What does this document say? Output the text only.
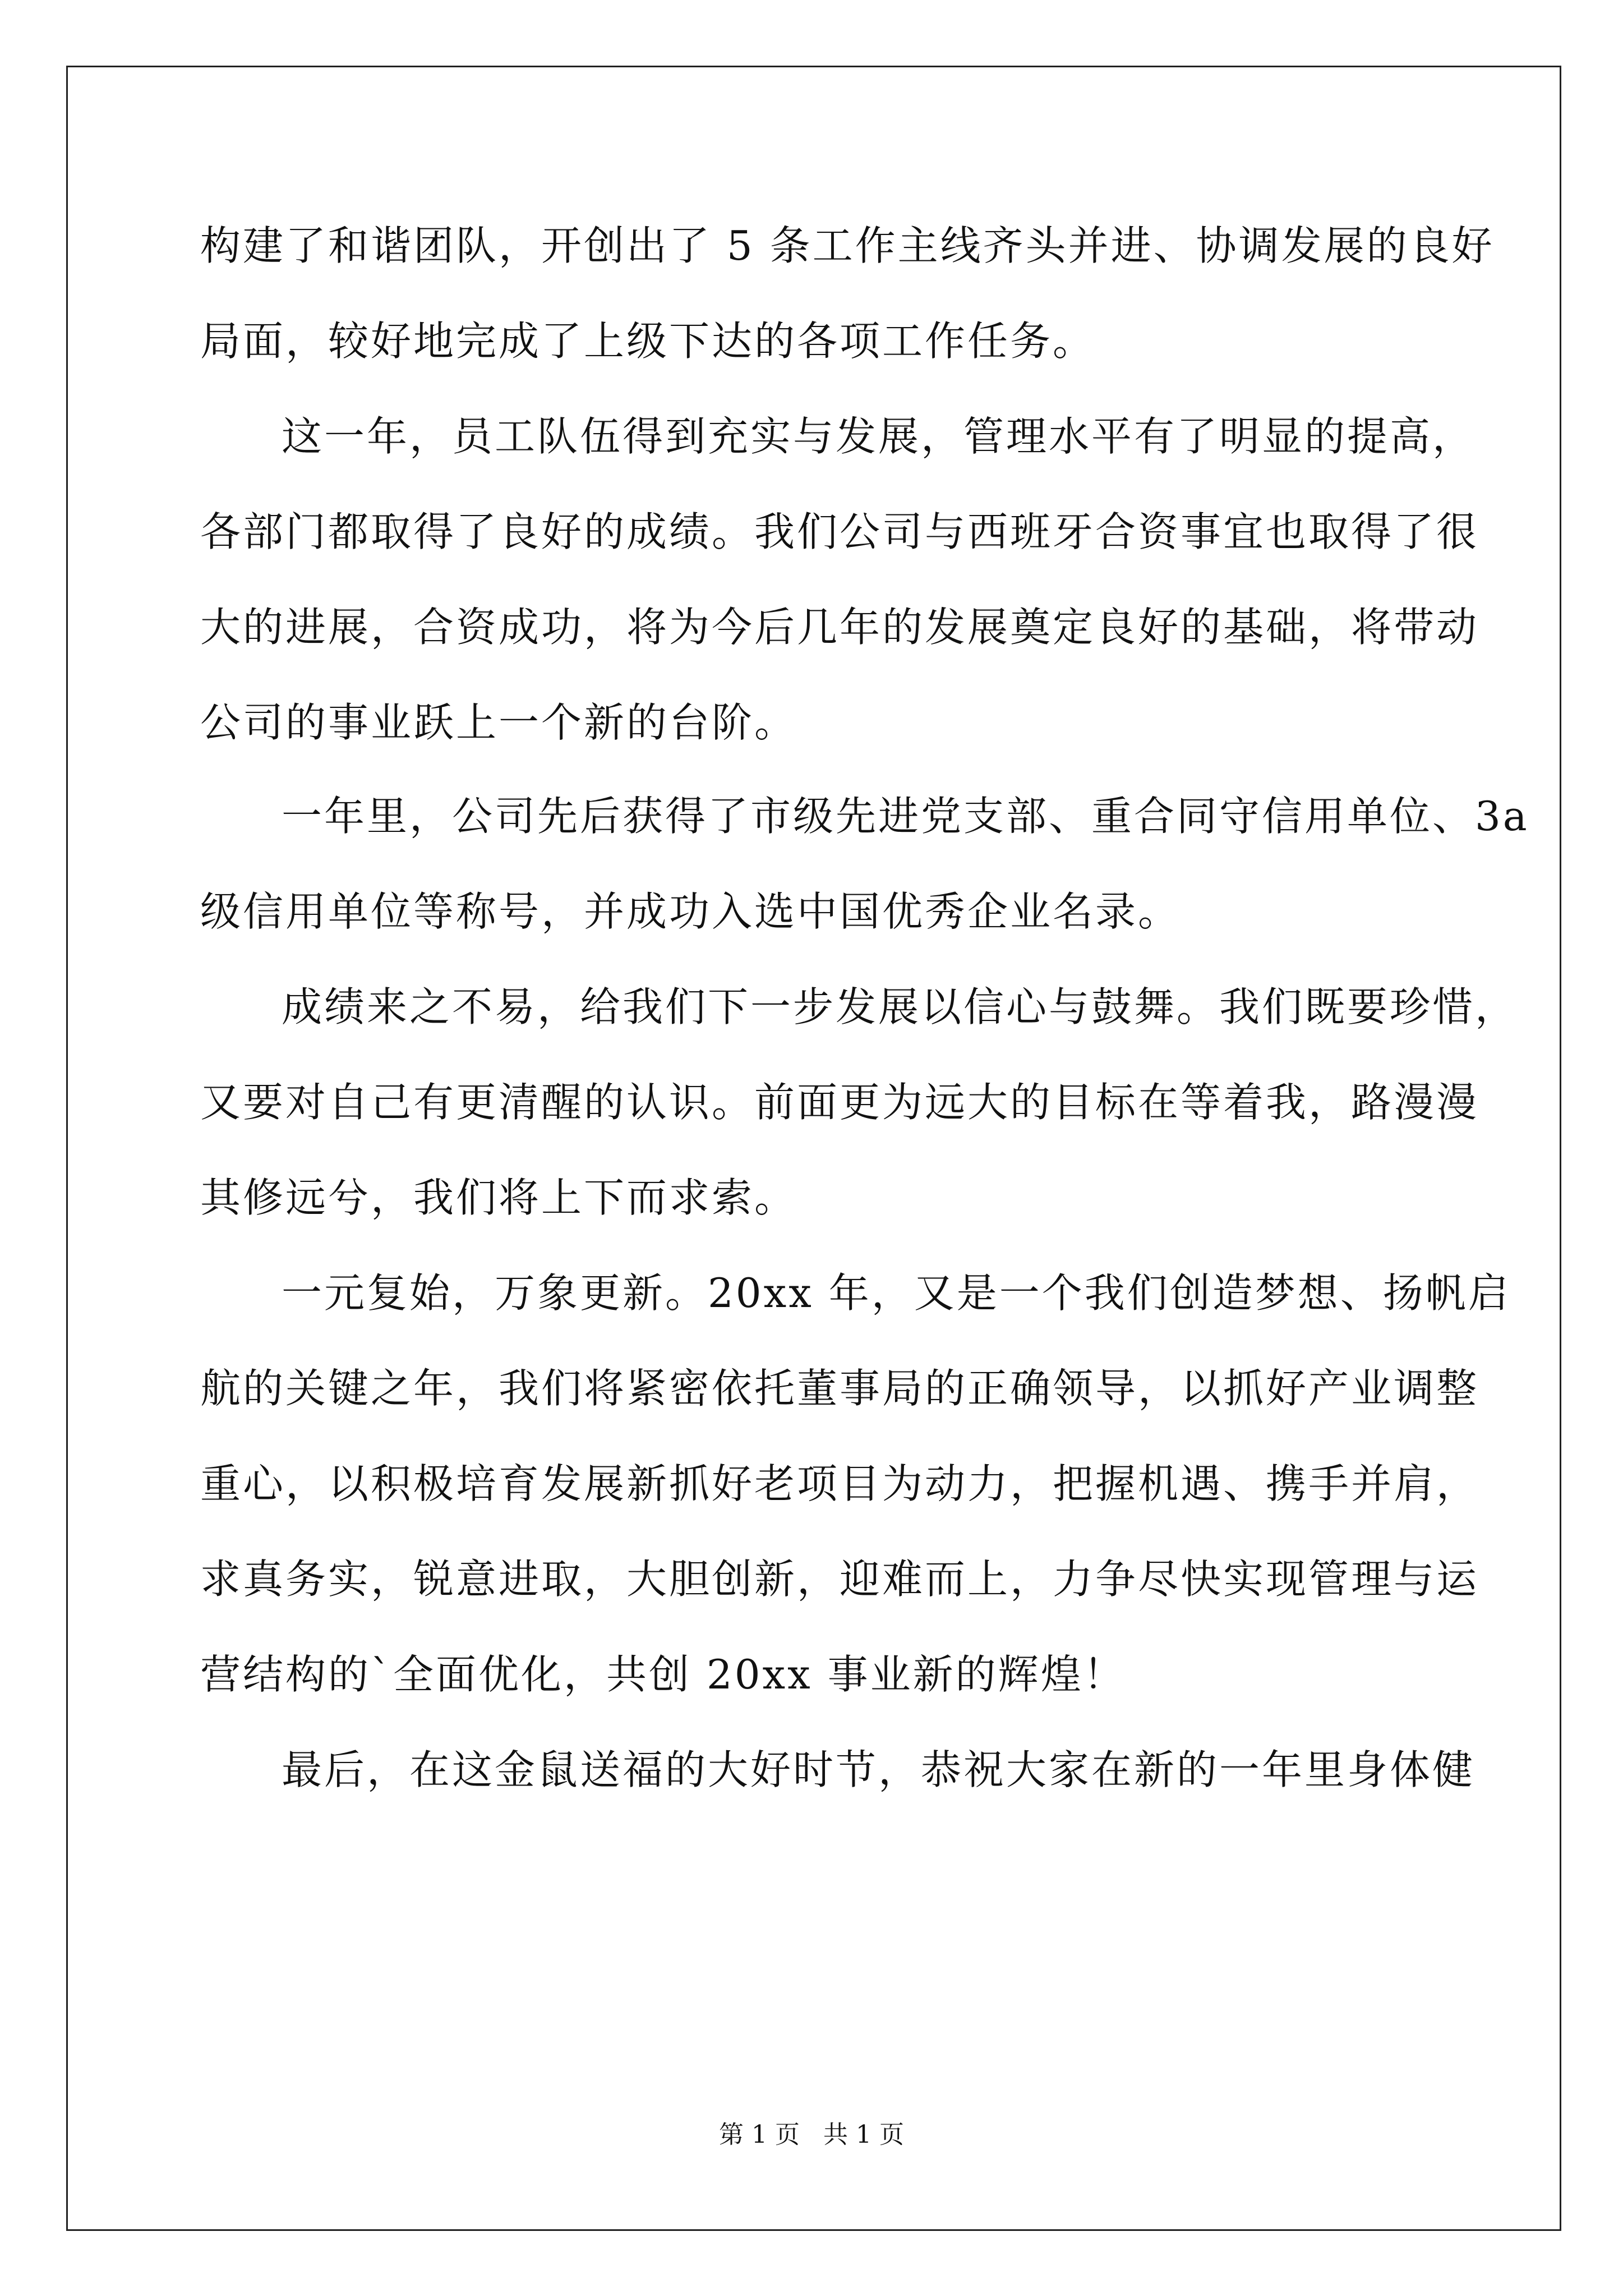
构建了和谐团队，开创出了 5 条工作主线齐头并进、协调发展的良好
局面，较好地完成了上级下达的各项工作任务。
这一年，员工队伍得到充实与发展，管理水平有了明显的提高，
各部门都取得了良好的成绩。我们公司与西班牙合资事宜也取得了很
大的进展，合资成功，将为今后几年的发展奠定良好的基础，将带动
公司的事业跃上一个新的台阶。
一年里，公司先后获得了市级先进党支部、重合同守信用单位、3a
级信用单位等称号，并成功入选中国优秀企业名录。
成绩来之不易，给我们下一步发展以信心与鼓舞。我们既要珍惜，
又要对自己有更清醒的认识。前面更为远大的目标在等着我，路漫漫
其修远兮，我们将上下而求索。
一元复始，万象更新。20xx 年，又是一个我们创造梦想、扬帆启
航的关键之年，我们将紧密依托董事局的正确领导，以抓好产业调整
重心，以积极培育发展新抓好老项目为动力，把握机遇、携手并肩，
求真务实，锐意进取，大胆创新，迎难而上，力争尽快实现管理与运
营结构的`全面优化，共创 20xx 事业新的辉煌！
最后，在这金鼠送福的大好时节，恭祝大家在新的一年里身体健
第 1 页   共 1 页
